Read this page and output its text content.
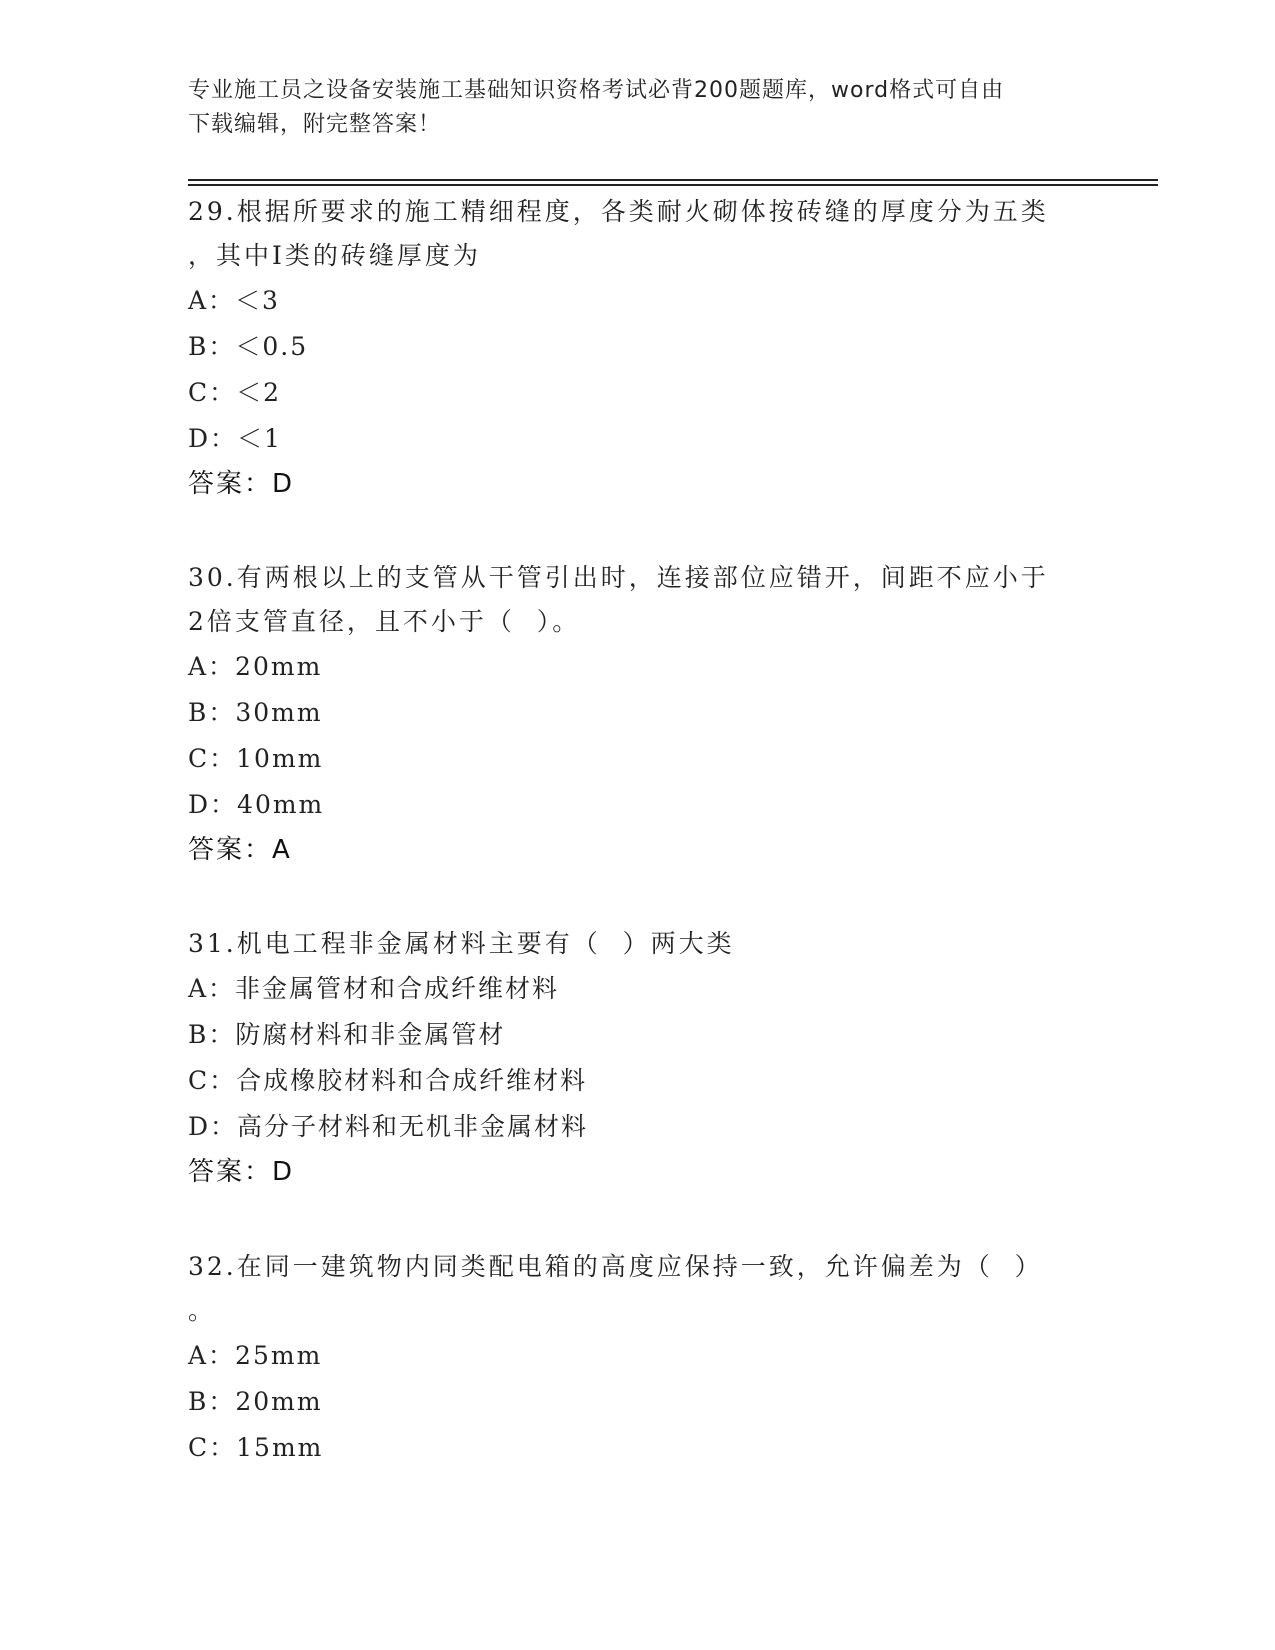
专业施工员之设备安装施工基础知识资格考试必背200题题库，word格式可自由
下载编辑，附完整答案！

29.根据所要求的施工精细程度，各类耐火砌体按砖缝的厚度分为五类

，其中Ⅰ类的砖缝厚度为

A：＜3

B：＜0.5

C：＜2

D：＜1

答案：D

30.有两根以上的支管从干管引出时，连接部位应错开，间距不应小于

2倍支管直径，且不小于（  ）。

A：20mm

B：30mm

C：10mm

D：40mm

答案：A

31.机电工程非金属材料主要有（  ）两大类

A：非金属管材和合成纤维材料

B：防腐材料和非金属管材

C：合成橡胶材料和合成纤维材料

D：高分子材料和无机非金属材料

答案：D

32.在同一建筑物内同类配电箱的高度应保持一致，允许偏差为（  ）

。

A：25mm

B：20mm

C：15mm
